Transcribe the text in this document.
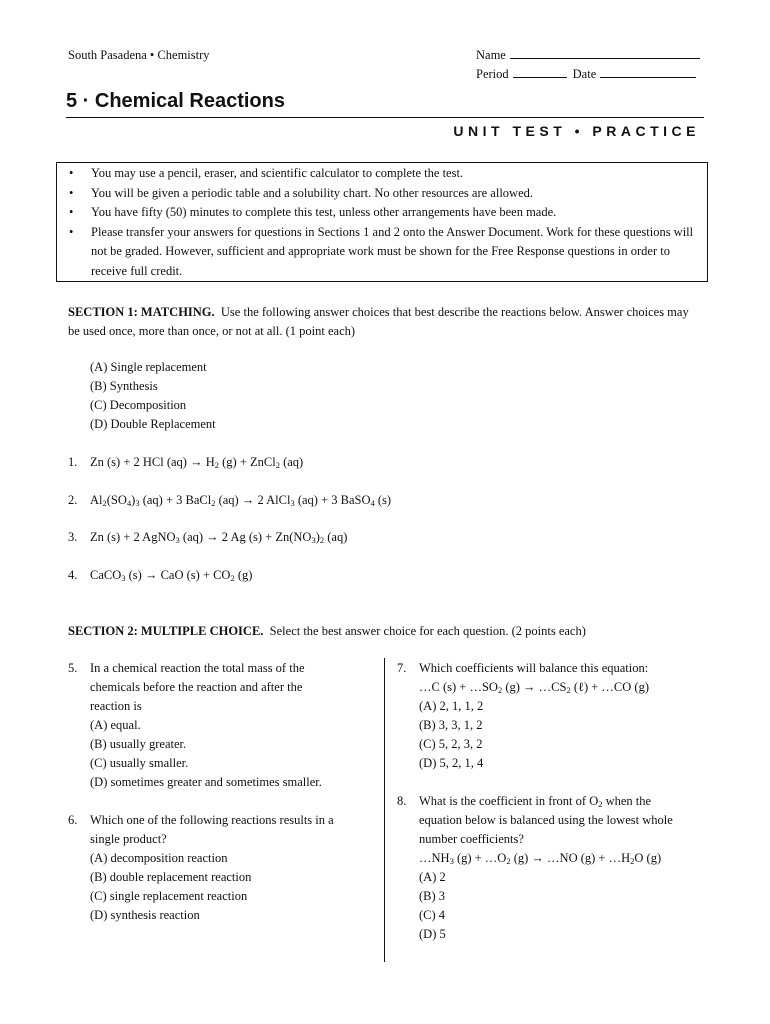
South Pasadena • Chemistry	Name
Period	Date
5 · Chemical Reactions
UNIT TEST • PRACTICE
• You may use a pencil, eraser, and scientific calculator to complete the test.
• You will be given a periodic table and a solubility chart. No other resources are allowed.
• You have fifty (50) minutes to complete this test, unless other arrangements have been made.
• Please transfer your answers for questions in Sections 1 and 2 onto the Answer Document. Work for these questions will not be graded. However, sufficient and appropriate work must be shown for the Free Response questions in order to receive full credit.
SECTION 1: MATCHING. Use the following answer choices that best describe the reactions below. Answer choices may be used once, more than once, or not at all. (1 point each)
(A) Single replacement
(B) Synthesis
(C) Decomposition
(D) Double Replacement
1. Zn (s) + 2 HCl $(aq) \to H_2$ (g) + ZnCl$_2$ (aq)
2. $Al_2(SO_4)_3$ (aq) + 3 BaCl$_2$ (aq) → 2 AlCl$_3$ (aq) + 3 BaSO$_4$ (s)
3. Zn (s) + 2 AgNO$_3$ (aq) → 2 Ag $(s) + Zn(NO_3)_2$ (aq)
4. CaCO$_3$ (s) → CaO $(s) + CO_2$ (g)
SECTION 2: MULTIPLE CHOICE. Select the best answer choice for each question. (2 points each)
5.	In a chemical reaction the total mass of the
chemicals before the reaction and after the
reaction is
(A) equal.
(B) usually greater.
(C) usually smaller.
(D) sometimes greater and sometimes smaller.
6.	Which one of the following reactions results in a
single product?
(A) decomposition reaction
(B) double replacement reaction
(C) single replacement reaction
(D) synthesis reaction
7.	Which coefficients will balance this equation:
…C $(s) + \dots SO_2$ $(g) \to \dots CS_2$ (ℓ) + …CO (g)
(A) 2, 1, 1, 2
(B) 3, 3, 1, 2
(C) 5, 2, 3, 2
(D) 5, 2, 1, 4
8.	What is the coefficient in front of $O_2$ when the
equation below is balanced using the lowest whole
number coefficients?
$\dots NH_3$ $(g) + \dots O_2$ (g) → …NO $(g) + \dots H_2O$ (g)
(A) 2
(B) 3
(C) 4
(D) 5
